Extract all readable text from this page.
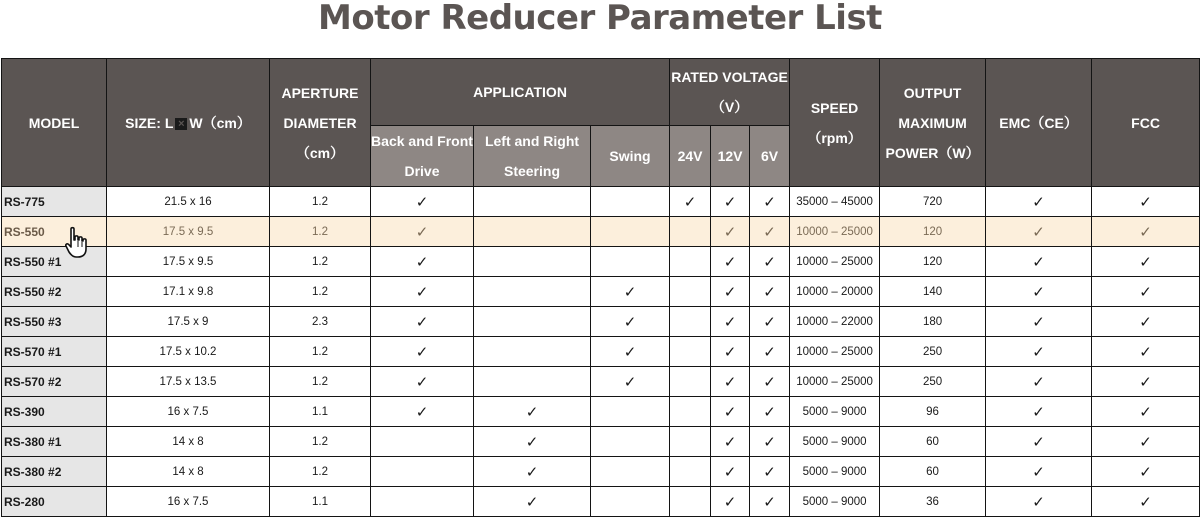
Motor Reducer Parameter List
MODEL	SIZE: L × W（cm）	APERTURE DIAMETER（cm）	APPLICATION			RATED VOLTAGE（V）			SPEED（rpm）	OUTPUT MAXIMUM POWER（W）	EMC（CE）	FCC
			Back and Front Drive	Left and Right Steering	Swing	24V	12V	6V				
RS-775	21.5 x 16	1.2	✓			✓	✓	✓	35000 – 45000	720	✓	✓
RS-550	17.5 x 9.5	1.2	✓				✓	✓	10000 – 25000	120	✓	✓
RS-550 #1	17.5 x 9.5	1.2	✓				✓	✓	10000 – 25000	120	✓	✓
RS-550 #2	17.1 x 9.8	1.2	✓		✓		✓	✓	10000 – 20000	140	✓	✓
RS-550 #3	17.5 x 9	2.3	✓		✓		✓	✓	10000 – 22000	180	✓	✓
RS-570 #1	17.5 x 10.2	1.2	✓		✓		✓	✓	10000 – 25000	250	✓	✓
RS-570 #2	17.5 x 13.5	1.2	✓		✓		✓	✓	10000 – 25000	250	✓	✓
RS-390	16 x 7.5	1.1	✓	✓			✓	✓	5000 – 9000	96	✓	✓
RS-380 #1	14 x 8	1.2		✓			✓	✓	5000 – 9000	60	✓	✓
RS-380 #2	14 x 8	1.2		✓			✓	✓	5000 – 9000	60	✓	✓
RS-280	16 x 7.5	1.1		✓			✓	✓	5000 – 9000	36	✓	✓
